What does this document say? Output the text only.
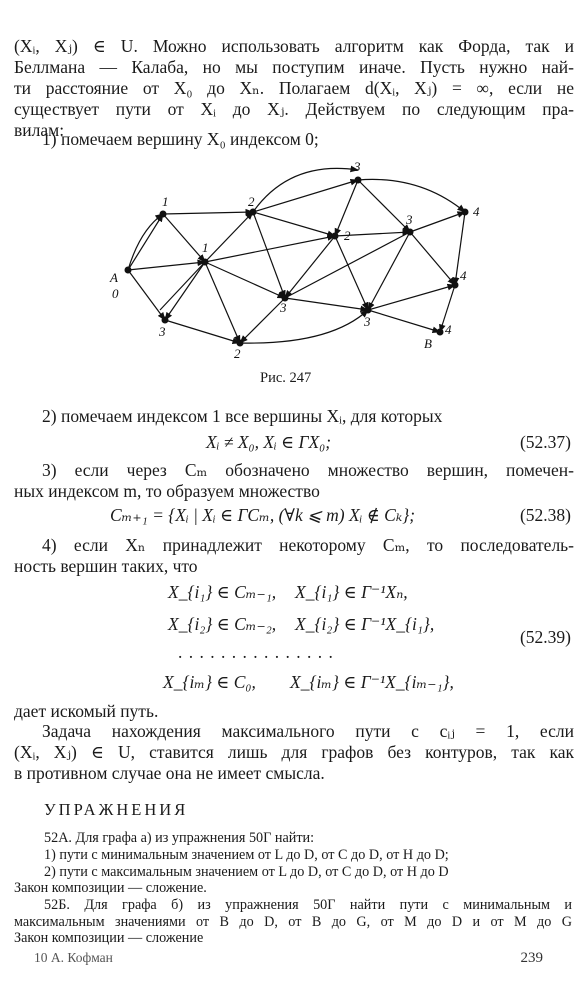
(Xᵢ, Xⱼ) ∈ U. Можно использовать алгоритм как Форда, так и
Беллмана — Калаба, но мы поступим иначе. Пусть нужно най-
ти расстояние от X₀ до Xₙ. Полагаем d(Xᵢ, Xⱼ) = ∞, если не
существует пути от Xᵢ до Xⱼ. Действуем по следующим пра-
вилам:
1) помечаем вершину X₀ индексом 0;
A
0
1
1
2
2
2
3
3
3
3
3
4
4
4
B
Рис. 247
2) помечаем индексом 1 все вершины Xᵢ, для которых
Xᵢ ≠ X₀, Xᵢ ∈ ΓX₀;	(52.37)
3) если через Cₘ обозначено множество вершин, помечен-
ных индексом m, то образуем множество
Cₘ₊₁ = {Xᵢ | Xᵢ ∈ ΓCₘ, (∀k ⩽ m) Xᵢ ∉ Cₖ};	(52.38)
4) если Xₙ принадлежит некоторому Cₘ, то последователь-
ность вершин таких, что
X_{i₁} ∈ Cₘ₋₁, X_{i₁} ∈ Γ⁻¹Xₙ,
X_{i₂} ∈ Cₘ₋₂, X_{i₂} ∈ Γ⁻¹X_{i₁},
(52.39)
. . . . . . . . . . . . . . .
X_{iₘ} ∈ C₀, X_{iₘ} ∈ Γ⁻¹X_{iₘ₋₁},
дает искомый путь.
Задача нахождения максимального пути с cᵢⱼ = 1, если
(Xᵢ, Xⱼ) ∈ U, ставится лишь для графов без контуров, так как
в противном случае она не имеет смысла.
УПРАЖНЕНИЯ
52А. Для графа а) из упражнения 50Г найти:
1) пути с минимальным значением от L до D, от C до D, от H до D;
2) пути с максимальным значением от L до D, от C до D, от H до D
Закон композиции — сложение.
52Б. Для графа б) из упражнения 50Г найти пути с минимальным и
максимальным значениями от B до D, от B до G, от M до D и от M до G
Закон композиции — сложение
10 А. Кофман	239
